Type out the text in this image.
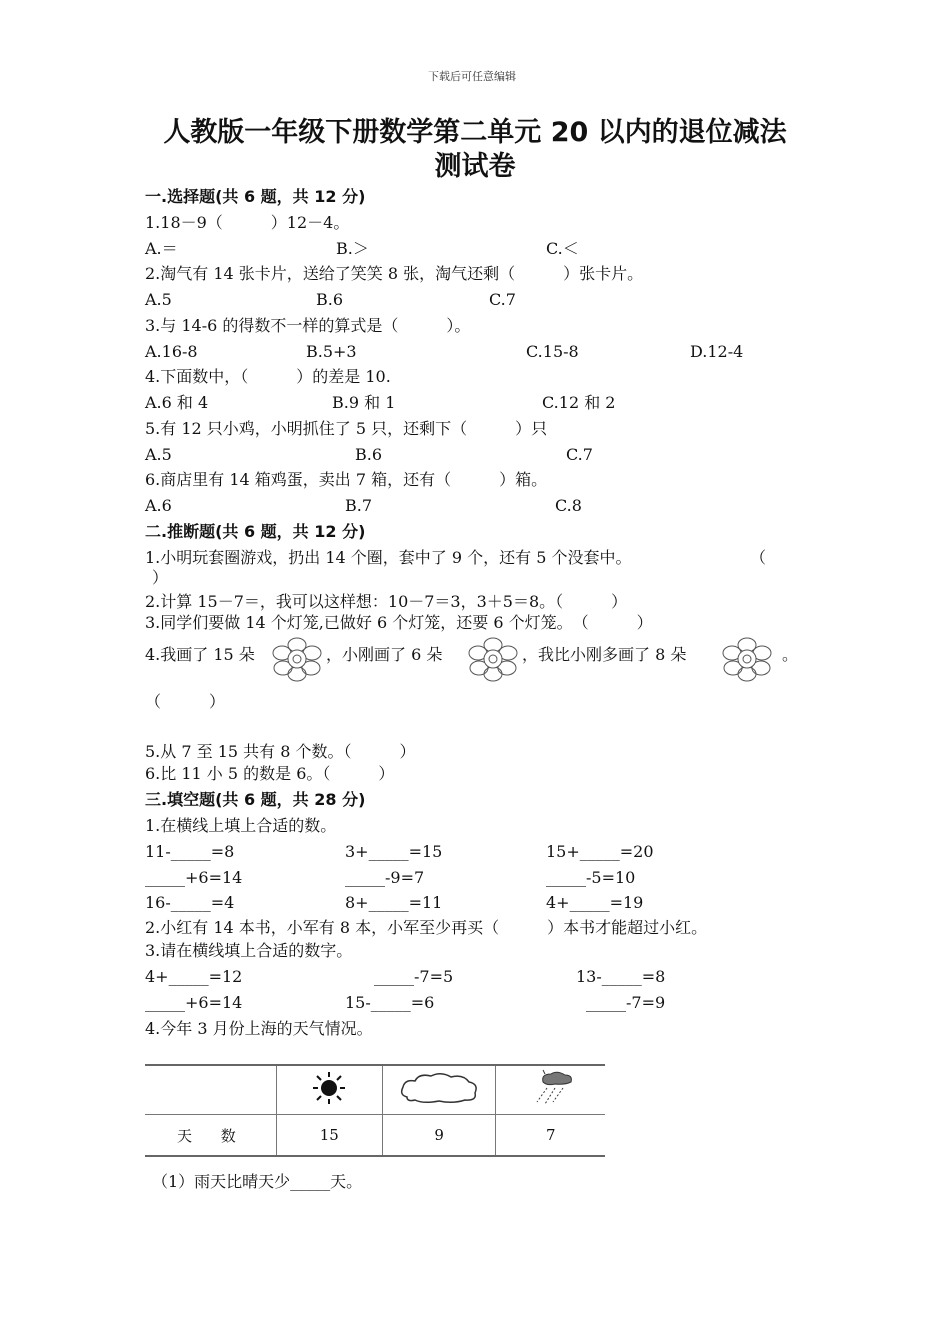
下载后可任意编辑
人教版一年级下册数学第二单元 20 以内的退位减法
测试卷
一.选择题(共 6 题，共 12 分)
1.18－9（　　　）12－4。
A.＝	B.＞	C.＜
2.淘气有 14 张卡片，送给了笑笑 8 张，淘气还剩（　　　）张卡片。
A.5	B.6	C.7
3.与 14-6 的得数不一样的算式是（　　　）。
A.16-8	B.5+3	C.15-8	D.12-4
4.下面数中，（　　　）的差是 10.
A.6 和 4	B.9 和 1	C.12 和 2
5.有 12 只小鸡，小明抓住了 5 只，还剩下（　　　）只
A.5	B.6	C.7
6.商店里有 14 箱鸡蛋，卖出 7 箱，还有（　　　）箱。
A.6	B.7	C.8
二.推断题(共 6 题，共 12 分)
1.小明玩套圈游戏，扔出 14 个圈，套中了 9 个，还有 5 个没套中。	（
）
2.计算 15－7＝，我可以这样想：10－7＝3，3＋5＝8。（　　　）
3.同学们要做 14 个灯笼,已做好 6 个灯笼，还要 6 个灯笼。　（　　　）
4.我画了 15 朵	，小刚画了 6 朵	，我比小刚多画了 8 朵	。
（　　　）
5.从 7 至 15 共有 8 个数。（　　　）
6.比 11 小 5 的数是 6。（　　　）
三.填空题(共 6 题，共 28 分)
1.在横线上填上合适的数。
11-_____=8	3+_____=15	15+_____=20
_____+6=14	_____-9=7	_____-5=10
16-_____=4	8+_____=11	4+_____=19
2.小红有 14 本书，小军有 8 本，小军至少再买（　　　）本书才能超过小红。
3.请在横线填上合适的数字。
4+_____=12	_____-7=5	13-_____=8
_____+6=14	15-_____=6	_____-7=9
4.今年 3 月份上海的天气情况。

天 数	15	9	7
（1）雨天比晴天少_____天。
